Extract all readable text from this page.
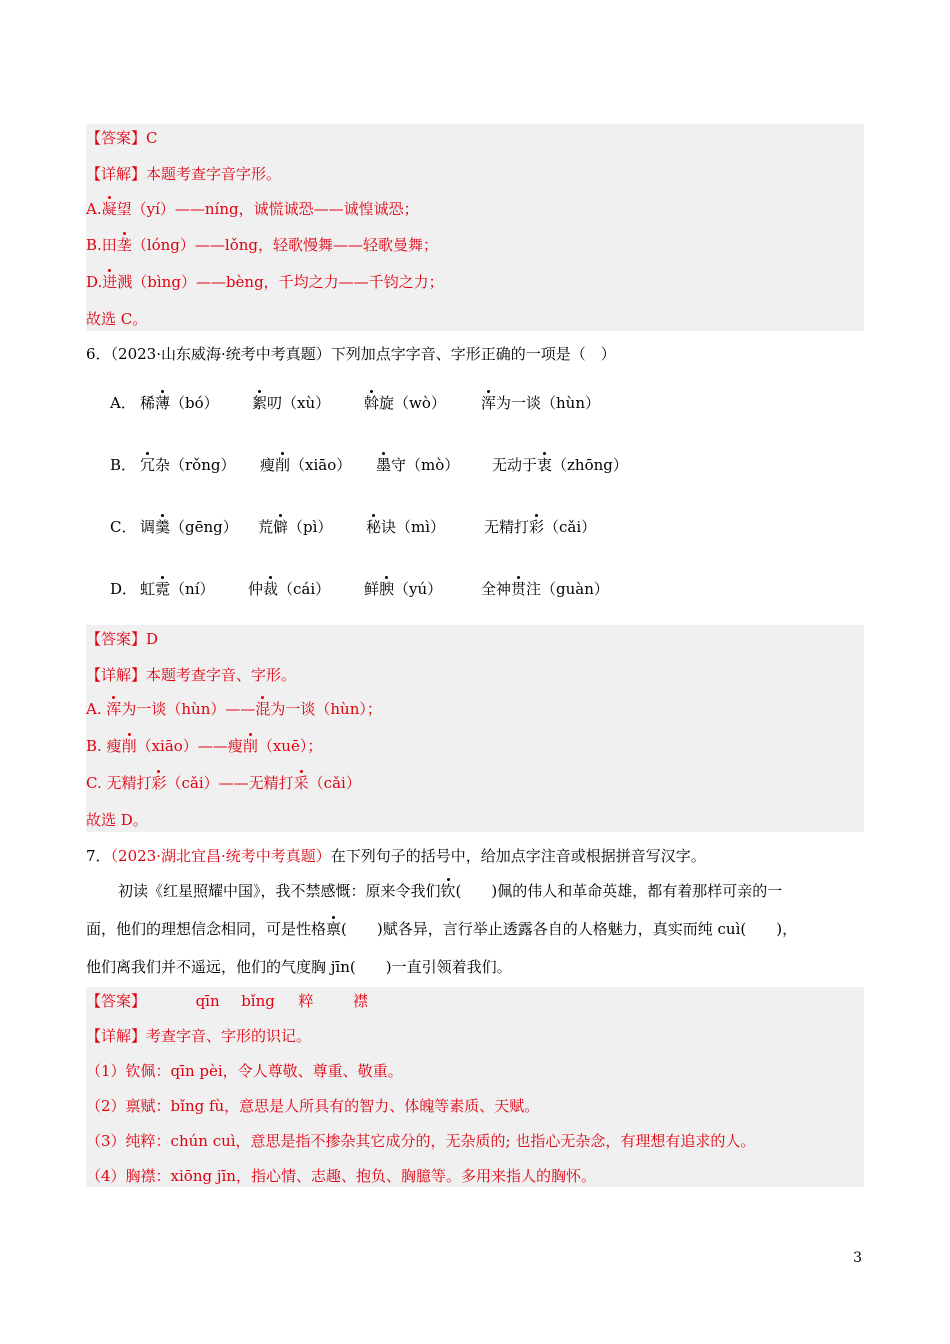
【答案】C
【详解】本题考查字音字形。
A.凝望（yí）——níng，诚慌诚恐——诚惶诚恐；
B.田垄（lóng）——lǒng，轻歌慢舞——轻歌曼舞；
D.迸溅（bìng）——bèng，千均之力——千钧之力；
故选 C。
6．（2023·山东威海·统考中考真题）下列加点字字音、字形正确的一项是（　）
A． 稀薄（bó） 絮叨（xù） 斡旋（wò） 浑为一谈（hùn）
B． 冗杂（rǒng） 瘦削（xiāo） 墨守（mò） 无动于衷（zhōng）
C． 调羹（gēng） 荒僻（pì） 秘诀（mì）	无精打彩（cǎi）
D． 虹霓（ní） 仲裁（cái） 鲜腴（yú）	全神贯注（guàn）
【答案】D
【详解】本题考查字音、字形。
A. 浑为一谈（hùn）——混为一谈（hùn）；
B. 瘦削（xiāo）——瘦削（xuē）；
C. 无精打彩（cǎi）——无精打采（cǎi）
故选 D。
7．（2023·湖北宜昌·统考中考真题）在下列句子的括号中，给加点字注音或根据拼音写汉字。
初读《红星照耀中国》，我不禁感慨：原来令我们钦(　　)佩的伟人和革命英雄，都有着那样可亲的一
面，他们的理想信念相同，可是性格禀(　　)赋各异，言行举止透露各自的人格魅力，真实而纯 cuì(　　)，
他们离我们并不遥远，他们的气度胸 jīn(　　)一直引领着我们。
【答案】	qīn bǐng 粹	襟
【详解】考查字音、字形的识记。
（1）钦佩：qīn pèi，令人尊敬、尊重、敬重。
（2）禀赋：bǐng fù，意思是人所具有的智力、体魄等素质、天赋。
（3）纯粹：chún cuì，意思是指不掺杂其它成分的，无杂质的; 也指心无杂念，有理想有追求的人。
（4）胸襟：xiōng jīn，指心情、志趣、抱负、胸臆等。多用来指人的胸怀。
3
